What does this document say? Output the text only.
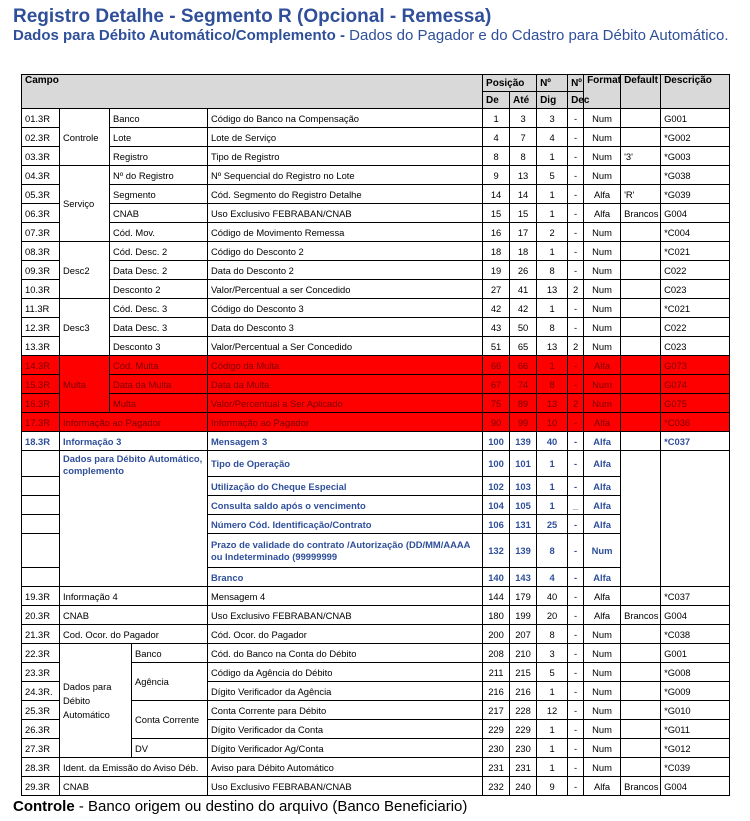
Registro Detalhe - Segmento R (Opcional - Remessa)
Dados para Débito Automático/Complemento - Dados do Pagador e do Cdastro para Débito Automático.
Campo					Posição		Nº	Nº	Format	Default	Descrição
					De	Até	Dig	Dec			
01.3R	Controle	Banco		Código do Banco na Compensação	1	3	3	-	Num		G001
02.3R		Lote		Lote de Serviço	4	7	4	-	Num		*G002
03.3R		Registro		Tipo de Registro	8	8	1	-	Num	'3'	*G003
04.3R	Serviço	Nº do Registro		Nº Sequencial do Registro no Lote	9	13	5	-	Num		*G038
05.3R		Segmento		Cód. Segmento do Registro Detalhe	14	14	1	-	Alfa	'R'	*G039
06.3R		CNAB		Uso Exclusivo FEBRABAN/CNAB	15	15	1	-	Alfa	Brancos	G004
07.3R		Cód. Mov.		Código de Movimento Remessa	16	17	2	-	Num		*C004
08.3R	Desc2	Cód. Desc. 2		Código do Desconto 2	18	18	1	-	Num		*C021
09.3R		Data Desc. 2		Data do Desconto 2	19	26	8	-	Num		C022
10.3R		Desconto 2		Valor/Percentual a ser Concedido	27	41	13	2	Num		C023
11.3R	Desc3	Cód. Desc. 3		Código do Desconto 3	42	42	1	-	Num		*C021
12.3R		Data Desc. 3		Data do Desconto 3	43	50	8	-	Num		C022
13.3R		Desconto 3		Valor/Percentual a Ser Concedido	51	65	13	2	Num		C023
14.3R	Multa	Cód. Multa		Código da Multa	66	66	1	-	Alfa		G073
15.3R		Data da Multa		Data da Multa	67	74	8	-	Num		G074
16.3R		Multa		Valor/Percentual a Ser Aplicado	75	89	13	2	Num		G075
17.3R	Informação ao Pagador			Informação ao Pagador	90	99	10	-	Alfa		*C036
18.3R	Informação 3			Mensagem 3	100	139	40	-	Alfa		*C037
	Dados para Débito Automático, complemento			Tipo de Operação	100	101	1	-	Alfa		
				Utilização do Cheque Especial	102	103	1	-	Alfa		
				Consulta saldo após o vencimento	104	105	1	_	Alfa		
				Número Cód. Identificação/Contrato	106	131	25	-	Alfa		
				Prazo de validade do contrato /Autorização (DD/MM/AAAA ou Indeterminado (99999999	132	139	8	-	Num		
				Branco	140	143	4	-	Alfa		
19.3R	Informação 4			Mensagem 4	144	179	40	-	Alfa		*C037
20.3R	CNAB			Uso Exclusivo FEBRABAN/CNAB	180	199	20	-	Alfa	Brancos	G004
21.3R	Cod. Ocor. do Pagador			Cód. Ocor. do Pagador	200	207	8	-	Num		*C038
22.3R	Dados para Débito Automático		Banco	Cód. do Banco na Conta do Débito	208	210	3	-	Num		G001
23.3R			Agência	Código da Agência do Débito	211	215	5	-	Num		*G008
24.3R.				Dígito Verificador da Agência	216	216	1	-	Num		*G009
25.3R			Conta Corrente	Conta Corrente para Débito	217	228	12	-	Num		*G010
26.3R				Dígito Verificador da Conta	229	229	1	-	Num		*G011
27.3R			DV	Dígito Verificador Ag/Conta	230	230	1	-	Num		*G012
28.3R	Ident. da Emissão do Aviso Déb.			Aviso para Débito Automático	231	231	1	-	Num		*C039
29.3R	CNAB			Uso Exclusivo FEBRABAN/CNAB	232	240	9	-	Alfa	Brancos	G004
Controle - Banco origem ou destino do arquivo (Banco Beneficiario)
